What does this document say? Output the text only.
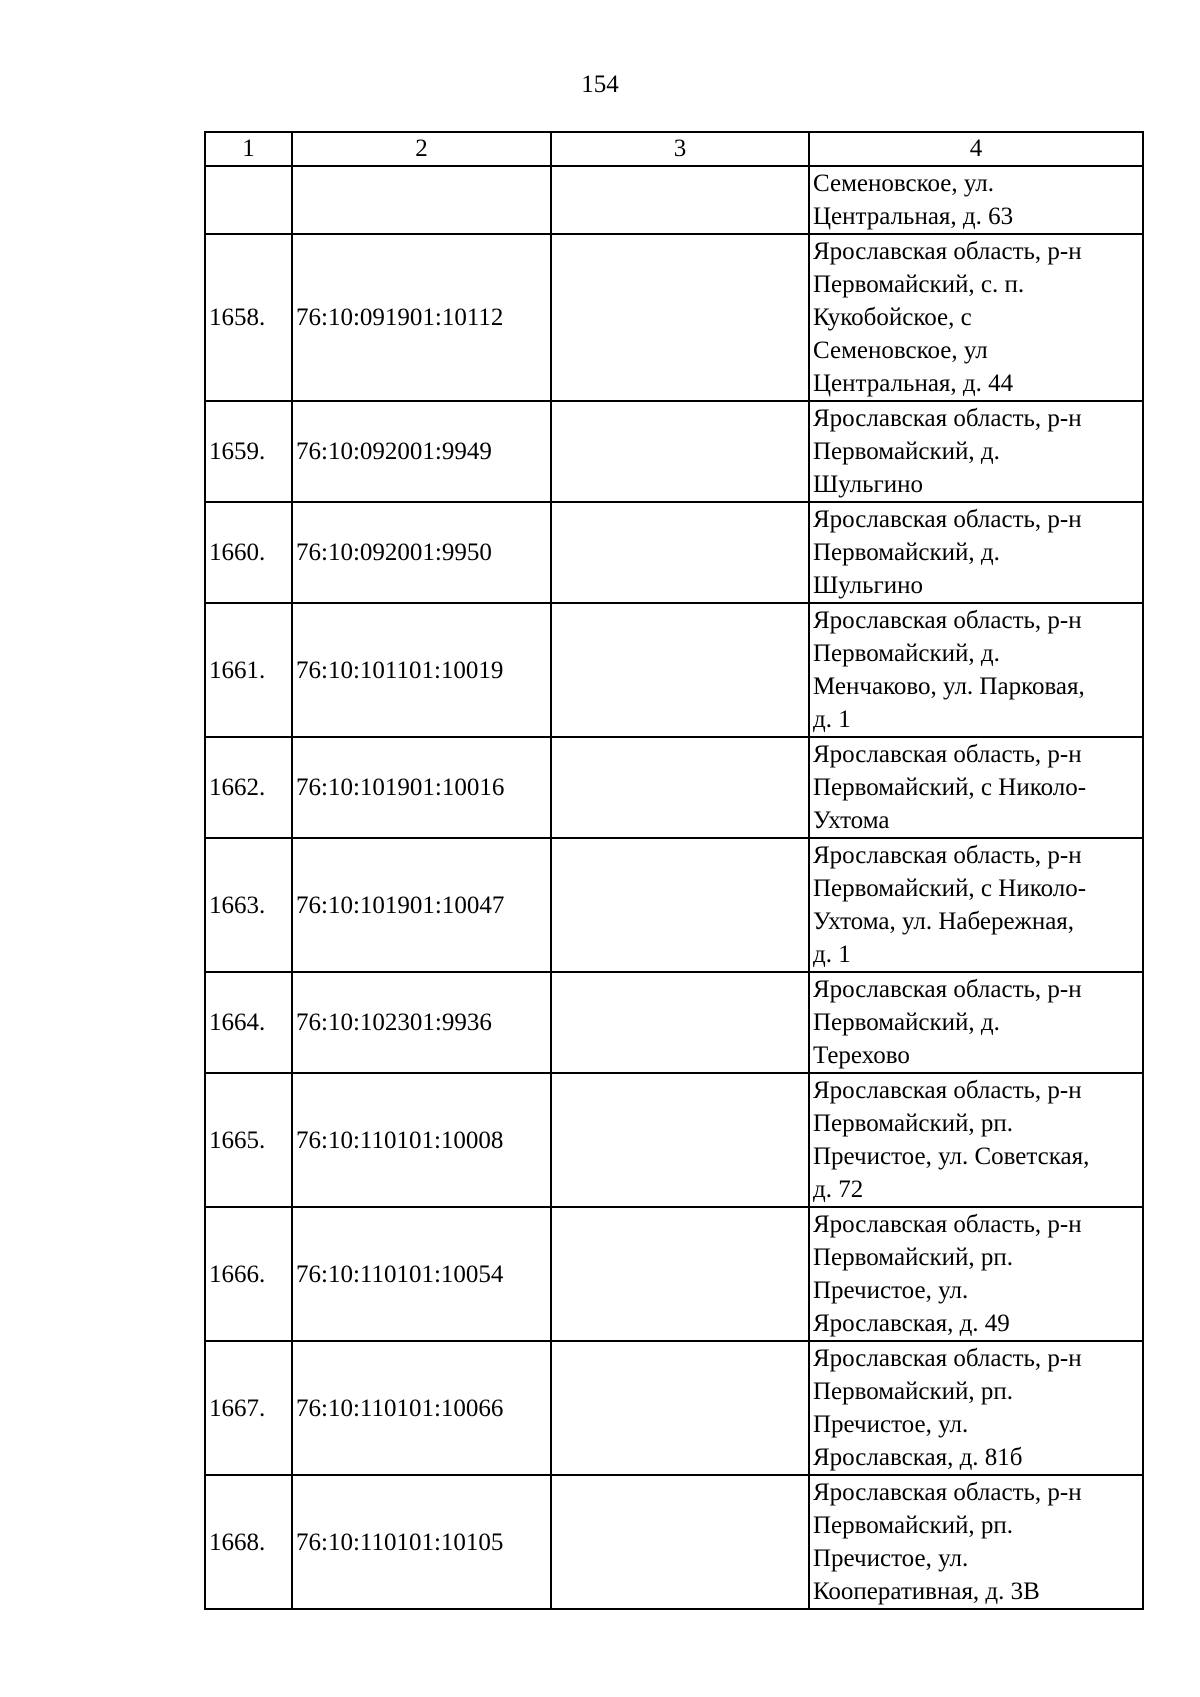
154
1	2	3	4
			Семеновское, ул.
Центральная, д. 63
1658.	76:10:091901:10112		Ярославская область, р-н
Первомайский, с. п.
Кукобойское, с
Семеновское, ул
Центральная, д. 44
1659.	76:10:092001:9949		Ярославская область, р-н
Первомайский, д.
Шульгино
1660.	76:10:092001:9950		Ярославская область, р-н
Первомайский, д.
Шульгино
1661.	76:10:101101:10019		Ярославская область, р-н
Первомайский, д.
Менчаково, ул. Парковая,
д. 1
1662.	76:10:101901:10016		Ярославская область, р-н
Первомайский, с Николо-
Ухтома
1663.	76:10:101901:10047		Ярославская область, р-н
Первомайский, с Николо-
Ухтома, ул. Набережная,
д. 1
1664.	76:10:102301:9936		Ярославская область, р-н
Первомайский, д.
Терехово
1665.	76:10:110101:10008		Ярославская область, р-н
Первомайский, рп.
Пречистое, ул. Советская,
д. 72
1666.	76:10:110101:10054		Ярославская область, р-н
Первомайский, рп.
Пречистое, ул.
Ярославская, д. 49
1667.	76:10:110101:10066		Ярославская область, р-н
Первомайский, рп.
Пречистое, ул.
Ярославская, д. 81б
1668.	76:10:110101:10105		Ярославская область, р-н
Первомайский, рп.
Пречистое, ул.
Кооперативная, д. 3В
